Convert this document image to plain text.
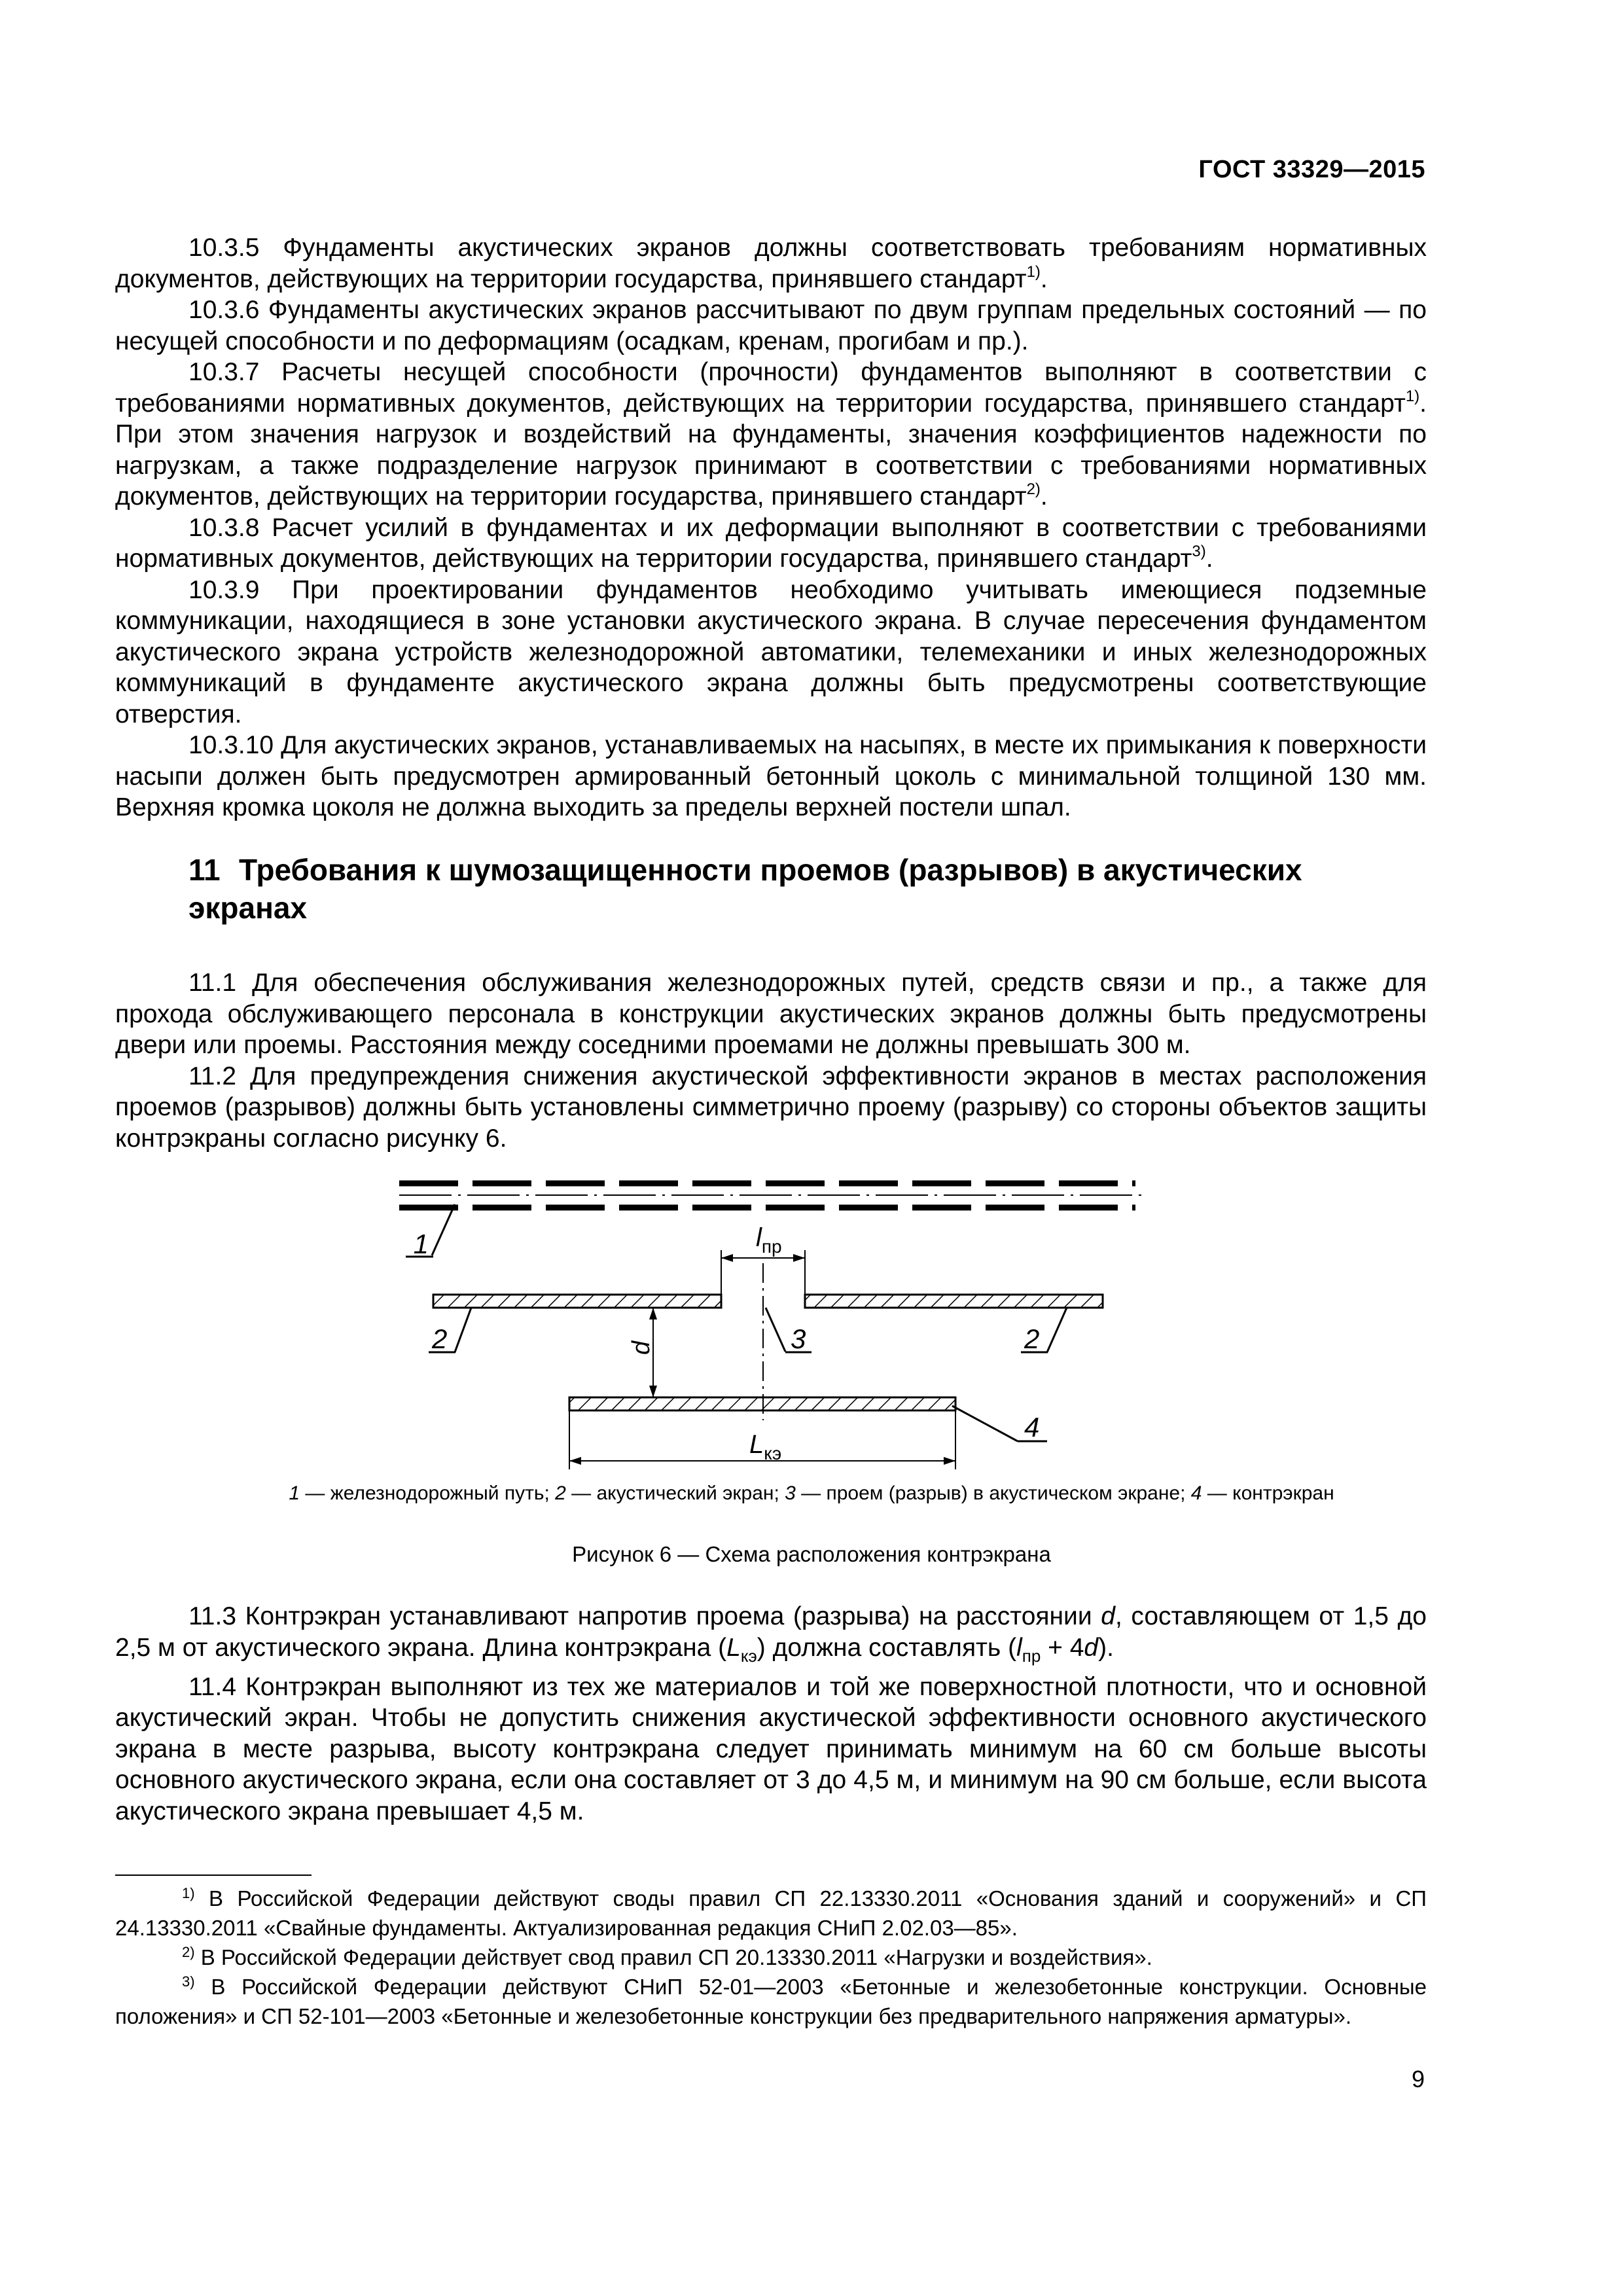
ГОСТ 33329—2015

10.3.5 Фундаменты акустических экранов должны соответствовать требованиям нормативных документов, действующих на территории государства, принявшего стандарт$^{1)}$.

10.3.6 Фундаменты акустических экранов рассчитывают по двум группам предельных состояний — по несущей способности и по деформациям (осадкам, кренам, прогибам и пр.).

10.3.7 Расчеты несущей способности (прочности) фундаментов выполняют в соответствии с требованиями нормативных документов, действующих на территории государства, принявшего стандарт$^{1)}$. При этом значения нагрузок и воздействий на фундаменты, значения коэффициентов надежности по нагрузкам, а также подразделение нагрузок принимают в соответствии с требованиями нормативных документов, действующих на территории государства, принявшего стандарт$^{2)}$.

10.3.8 Расчет усилий в фундаментах и их деформации выполняют в соответствии с требованиями нормативных документов, действующих на территории государства, принявшего стандарт$^{3)}$.

10.3.9 При проектировании фундаментов необходимо учитывать имеющиеся подземные коммуникации, находящиеся в зоне установки акустического экрана. В случае пересечения фундаментом акустического экрана устройств железнодорожной автоматики, телемеханики и иных железнодорожных коммуникаций в фундаменте акустического экрана должны быть предусмотрены соответствующие отверстия.

10.3.10 Для акустических экранов, устанавливаемых на насыпях, в месте их примыкания к поверхности насыпи должен быть предусмотрен армированный бетонный цоколь с минимальной толщиной 130 мм. Верхняя кромка цоколя не должна выходить за пределы верхней постели шпал.

11 Требования к шумозащищенности проемов (разрывов) в акустических
экранах

11.1 Для обеспечения обслуживания железнодорожных путей, средств связи и пр., а также для прохода обслуживающего персонала в конструкции акустических экранов должны быть предусмотрены двери или проемы. Расстояния между соседними проемами не должны превышать 300 м.

11.2 Для предупреждения снижения акустической эффективности экранов в местах расположения проемов (разрывов) должны быть установлены симметрично проему (разрыву) со стороны объектов защиты контрэкраны согласно рисунку 6.

1	$l_{пр}$
3
2	2
d
$L_{кэ}$
4
1 — железнодорожный путь; 2 — акустический экран; 3 — проем (разрыв) в акустическом экране; 4 — контрэкран
Рисунок 6 — Схема расположения контрэкрана

11.3 Контрэкран устанавливают напротив проема (разрыва) на расстоянии d, составляющем от 1,5 до 2,5 м от акустического экрана. Длина контрэкрана $(L_{кэ})$ должна составлять $(l_{пр} + 4d)$.

11.4 Контрэкран выполняют из тех же материалов и той же поверхностной плотности, что и основной акустический экран. Чтобы не допустить снижения акустической эффективности основного акустического экрана в месте разрыва, высоту контрэкрана следует принимать минимум на 60 см больше высоты основного акустического экрана, если она составляет от 3 до 4,5 м, и минимум на 90 см больше, если высота акустического экрана превышает 4,5 м.

$^{1)}$ В Российской Федерации действуют своды правил СП 22.13330.2011 «Основания зданий и сооружений» и СП 24.13330.2011 «Свайные фундаменты. Актуализированная редакция СНиП 2.02.03—85».

$^{2)}$ В Российской Федерации действует свод правил СП 20.13330.2011 «Нагрузки и воздействия».

$^{3)}$ В Российской Федерации действуют СНиП 52-01—2003 «Бетонные и железобетонные конструкции. Основные положения» и СП 52-101—2003 «Бетонные и железобетонные конструкции без предварительного напряжения арматуры».

9
